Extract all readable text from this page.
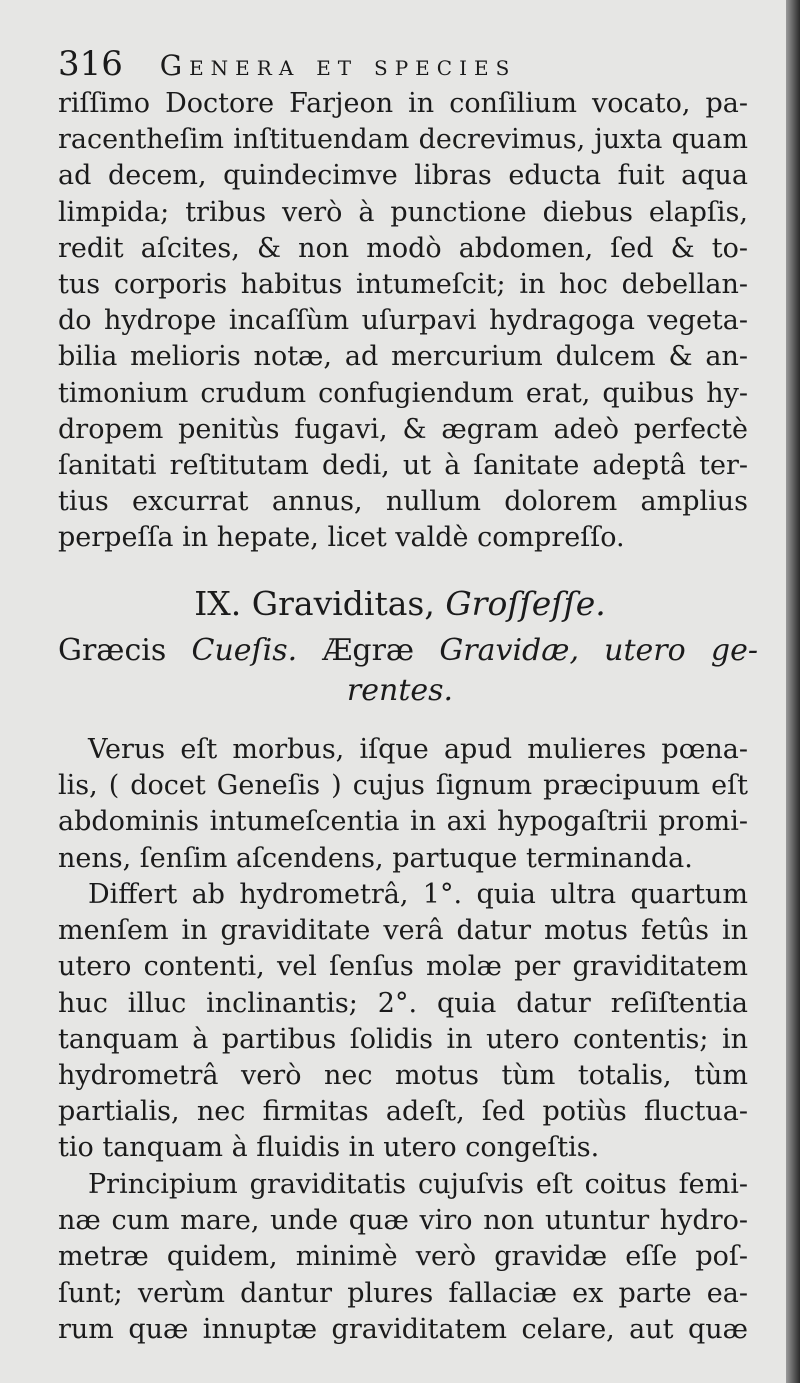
316 Genera et species
riſſimo Doctore Farjeon in conſilium vocato, pa-
racentheſim inſtituendam decrevimus, juxta quam
ad decem, quindecimve libras educta fuit aqua
limpida; tribus verò à punctione diebus elapſis,
redit aſcites, & non modò abdomen, ſed & to-
tus corporis habitus intumeſcit; in hoc debellan-
do hydrope incaſſùm uſurpavi hydragoga vegeta-
bilia melioris notæ, ad mercurium dulcem & an-
timonium crudum confugiendum erat, quibus hy-
dropem penitùs fugavi, & ægram adeò perfectè
ſanitati reſtitutam dedi, ut à ſanitate adeptâ ter-
tius excurrat annus, nullum dolorem amplius
perpeſſa in hepate, licet valdè compreſſo.
IX. Graviditas, Groſſeſſe.
Græcis Cueſis. Ægræ Gravidæ, utero ge-
rentes.
Verus eſt morbus, iſque apud mulieres pœna-
lis, ( docet Geneſis ) cujus ſignum præcipuum eſt
abdominis intumeſcentia in axi hypogaſtrii promi-
nens, ſenſim aſcendens, partuque terminanda.
Differt ab hydrometrâ, 1°. quia ultra quartum
menſem in graviditate verâ datur motus fetûs in
utero contenti, vel ſenſus molæ per graviditatem
huc illuc inclinantis; 2°. quia datur reſiſtentia
tanquam à partibus ſolidis in utero contentis; in
hydrometrâ verò nec motus tùm totalis, tùm
partialis, nec firmitas adeſt, ſed potiùs fluctua-
tio tanquam à fluidis in utero congeſtis.
Principium graviditatis cujuſvis eſt coitus femi-
næ cum mare, unde quæ viro non utuntur hydro-
metræ quidem, minimè verò gravidæ eſſe poſ-
ſunt; verùm dantur plures fallaciæ ex parte ea-
rum quæ innuptæ graviditatem celare, aut quæ
